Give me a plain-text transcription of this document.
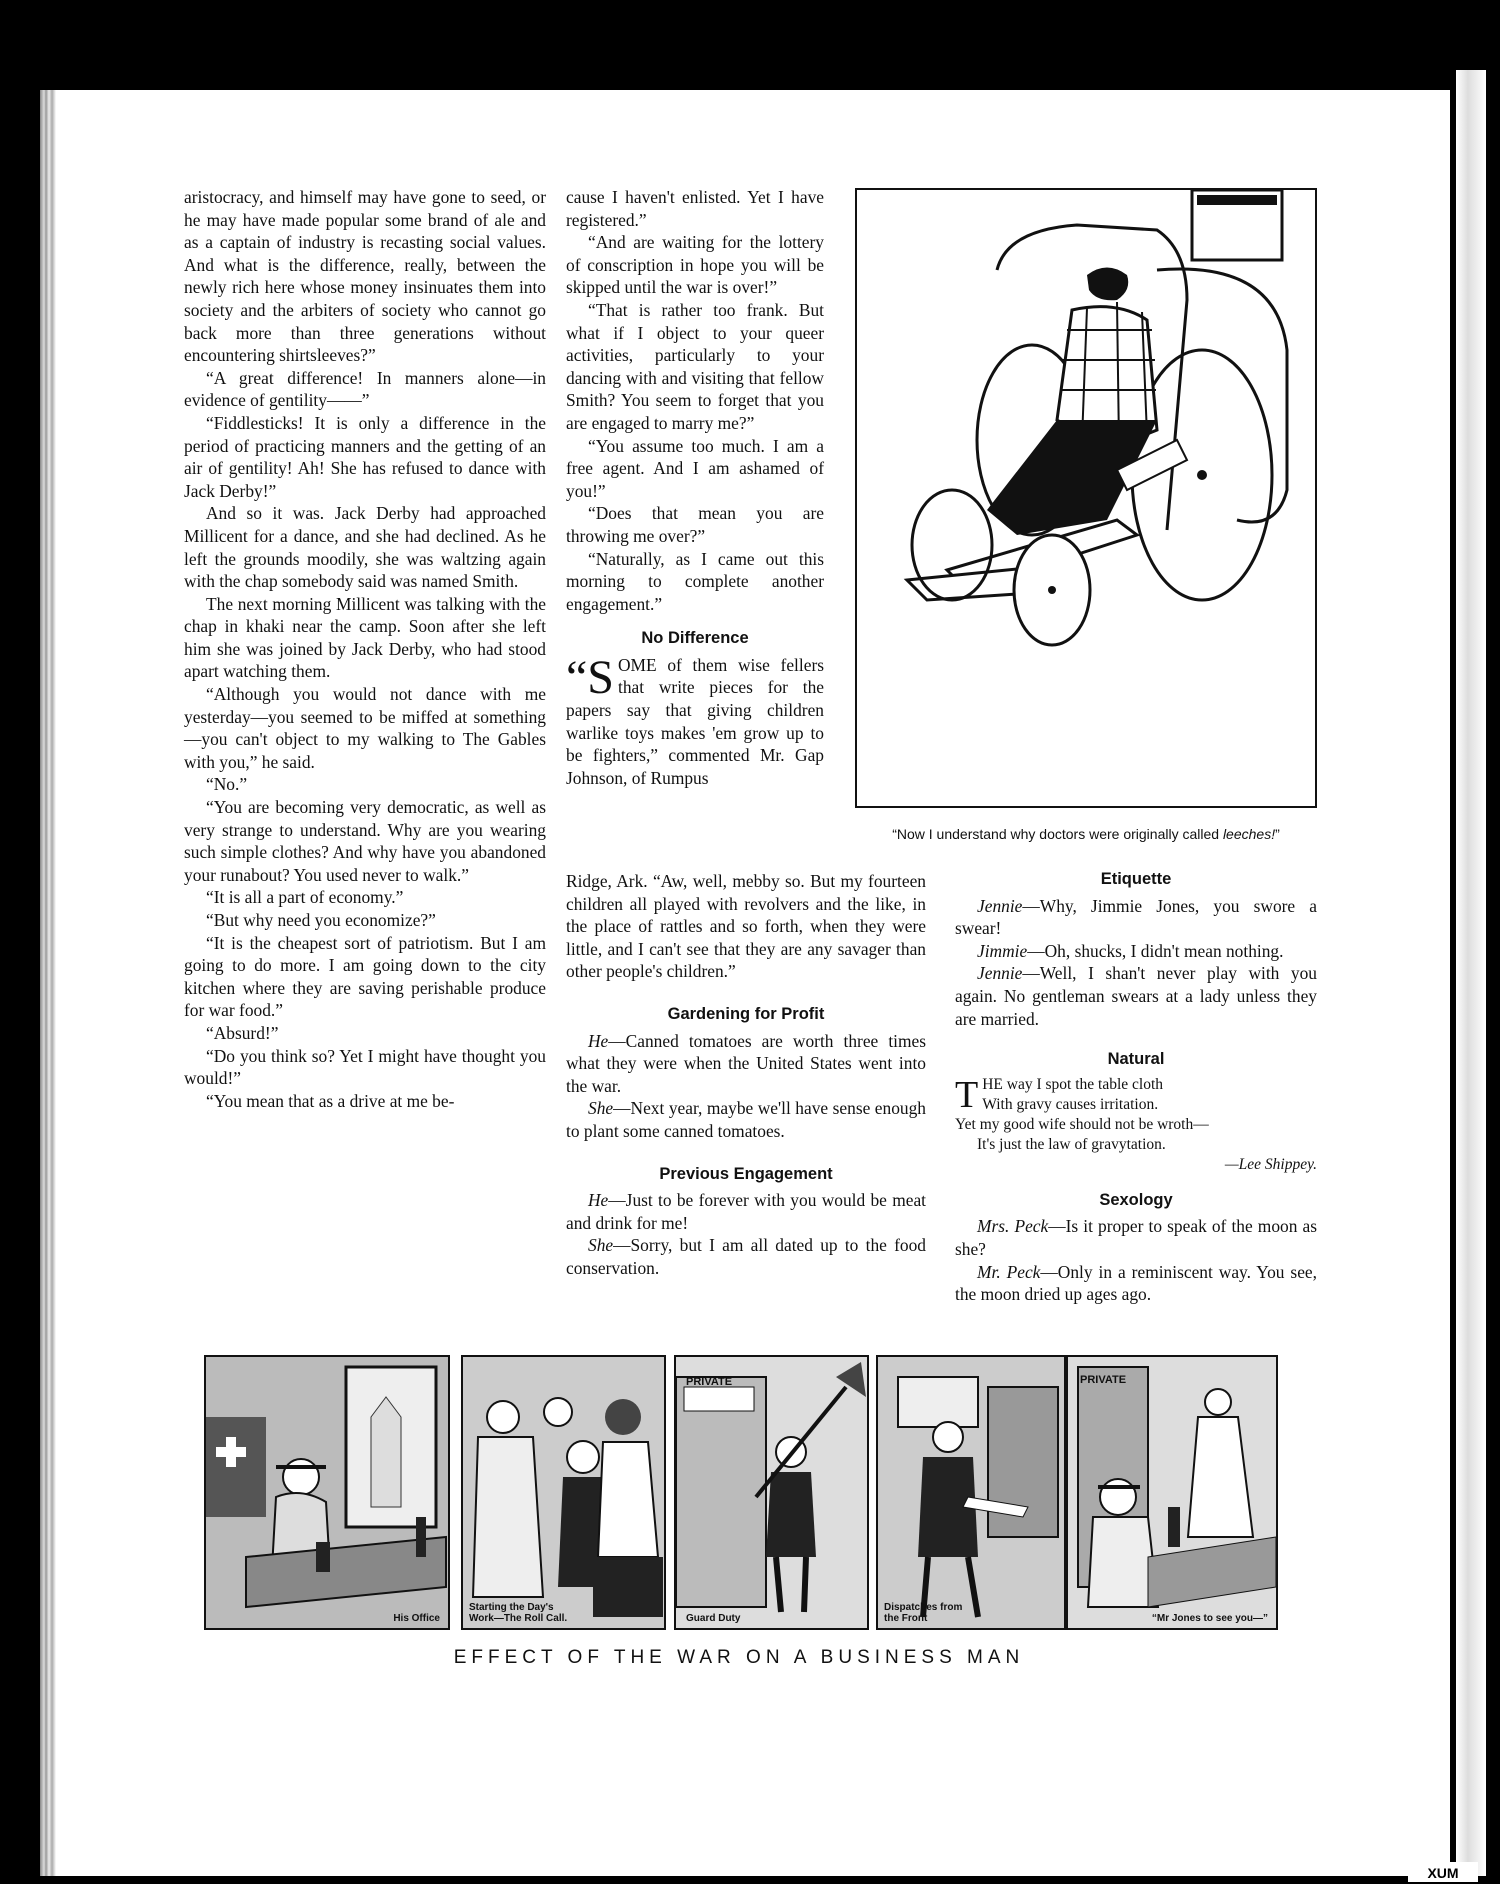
aristocracy, and himself may have gone to seed, or he may have made popular some brand of ale and as a captain of industry is recasting social values. And what is the difference, really, between the newly rich here whose money insinuates them into society and the arbiters of society who cannot go back more than three generations without encountering shirtsleeves?”

“A great difference! In manners alone—in evidence of gentility——”

“Fiddlesticks! It is only a difference in the period of practicing manners and the getting of an air of gentility! Ah! She has refused to dance with Jack Derby!”

And so it was. Jack Derby had approached Millicent for a dance, and she had declined. As he left the grounds moodily, she was waltzing again with the chap somebody said was named Smith.

The next morning Millicent was talking with the chap in khaki near the camp. Soon after she left him she was joined by Jack Derby, who had stood apart watching them.

“Although you would not dance with me yesterday—you seemed to be miffed at something—you can't object to my walking to The Gables with you,” he said.

“No.”

“You are becoming very democratic, as well as very strange to understand. Why are you wearing such simple clothes? And why have you abandoned your runabout? You used never to walk.”

“It is all a part of economy.”

“But why need you economize?”

“It is the cheapest sort of patriotism. But I am going to do more. I am going down to the city kitchen where they are saving perishable produce for war food.”

“Absurd!”

“Do you think so? Yet I might have thought you would!”

“You mean that as a drive at me be-

cause I haven't enlisted. Yet I have registered.”

“And are waiting for the lottery of conscription in hope you will be skipped until the war is over!”

“That is rather too frank. But what if I object to your queer activities, particularly to your dancing with and visiting that fellow Smith? You seem to forget that you are engaged to marry me?”

“You assume too much. I am a free agent. And I am ashamed of you!”

“Does that mean you are throwing me over?”

“Naturally, as I came out this morning to complete another engagement.”

No Difference

“SOME of them wise fellers that write pieces for the papers say that giving children warlike toys makes 'em grow up to be fighters,” commented Mr. Gap Johnson, of Rumpus

Ridge, Ark. “Aw, well, mebby so. But my fourteen children all played with revolvers and the like, in the place of rattles and so forth, when they were little, and I can't see that they are any savager than other people's children.”

Gardening for Profit

He—Canned tomatoes are worth three times what they were when the United States went into the war.

She—Next year, maybe we'll have sense enough to plant some canned tomatoes.

Previous Engagement

He—Just to be forever with you would be meat and drink for me!

She—Sorry, but I am all dated up to the food conservation.

“Now I understand why doctors were originally called leeches!”
Etiquette

Jennie—Why, Jimmie Jones, you swore a swear!

Jimmie—Oh, shucks, I didn't mean nothing.

Jennie—Well, I shan't never play with you again. No gentleman swears at a lady unless they are married.

Natural

THE way I spot the table cloth

With gravy causes irritation.

Yet my good wife should not be wroth—

It's just the law of gravytation.

—Lee Shippey.

Sexology

Mrs. Peck—Is it proper to speak of the moon as she?

Mr. Peck—Only in a reminiscent way. You see, the moon dried up ages ago.

His Office
Starting the Day's Work—The Roll Call.
PRIVATE
Guard Duty
Dispatches from the Front
PRIVATE
“Mr Jones to see you—”
EFFECT OF THE WAR ON A BUSINESS MAN
comicbooks.com
XUM
